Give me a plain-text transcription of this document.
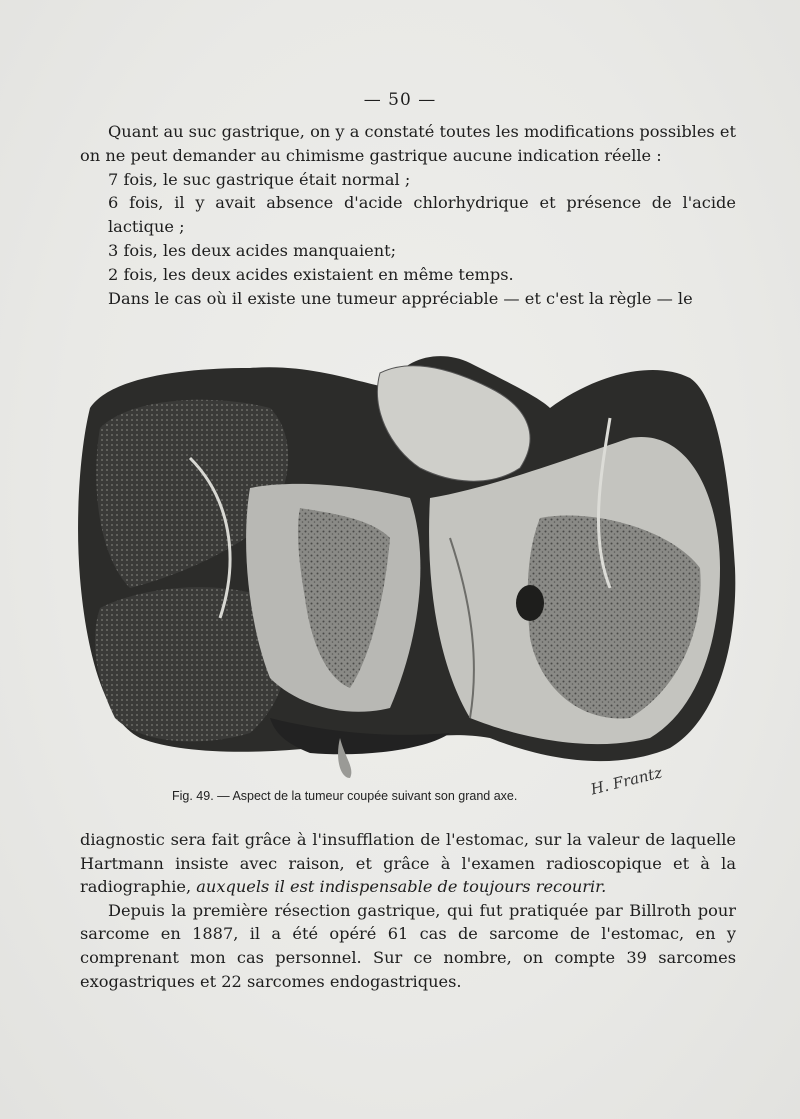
— 50 —

Quant au suc gastrique, on y a constaté toutes les modifications possibles et on ne peut demander au chimisme gastrique aucune indication réelle :

7 fois, le suc gastrique était normal ;

6 fois, il y avait absence d'acide chlorhydrique et présence de l'acide lactique ;

3 fois, les deux acides manquaient;

2 fois, les deux acides existaient en même temps.

Dans le cas où il existe une tumeur appréciable — et c'est la règle — le

Fig. 49. — Aspect de la tumeur coupée suivant son grand axe.	H. Frantz

diagnostic sera fait grâce à l'insufflation de l'estomac, sur la valeur de laquelle Hartmann insiste avec raison, et grâce à l'examen radioscopique et à la radiographie, auxquels il est indispensable de toujours recourir.

Depuis la première résection gastrique, qui fut pratiquée par Billroth pour sarcome en 1887, il a été opéré 61 cas de sarcome de l'estomac, en y comprenant mon cas personnel. Sur ce nombre, on compte 39 sarcomes exogastriques et 22 sarcomes endogastriques.
